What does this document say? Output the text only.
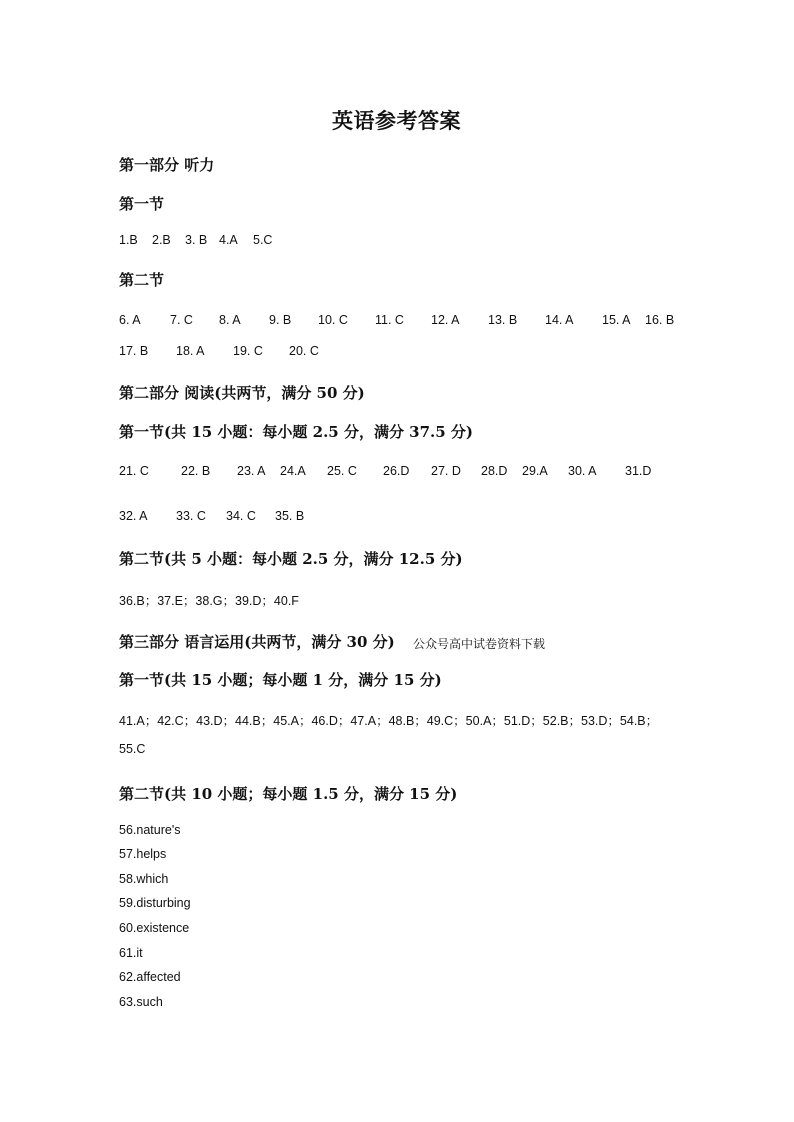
英语参考答案
第一部分 听力
第一节
1.B 2.B 3. B 4.A 5.C
第二节
6. A 7. C 8. A 9. B 10. C 11. C 12. A 13. B 14. A 15. A 16. B
17. B 18. A 19. C 20. C
第二部分 阅读(共两节，满分 50 分)
第一节(共 15 小题：每小题 2.5 分，满分 37.5 分)
21. C	22. B 23. A 24.A 25. C 26.D 27. D 28.D 29.A 30. A 31.D
32. A 33. C 34. C 35. B
第二节(共 5 小题：每小题 2.5 分，满分 12.5 分)
36.B；37.E；38.G；39.D；40.F
第三部分 语言运用(共两节，满分 30 分) 公众号高中试卷资料下载
第一节(共 15 小题；每小题 1 分，满分 15 分)
41.A；42.C；43.D；44.B；45.A；46.D；47.A；48.B；49.C；50.A；51.D；52.B；53.D；54.B；
55.C
第二节(共 10 小题；每小题 1.5 分，满分 15 分)
56.nature's
57.helps
58.which
59.disturbing
60.existence
61.it
62.affected
63.such
